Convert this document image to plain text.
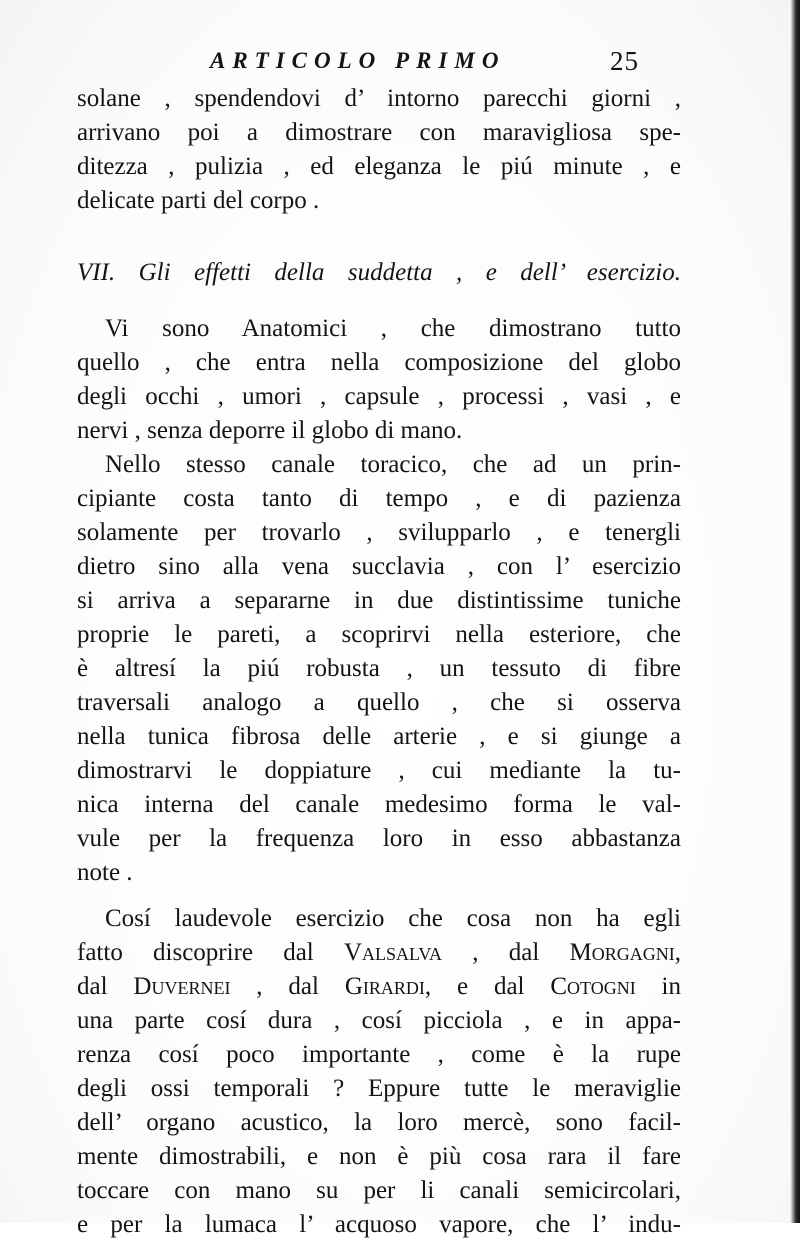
ARTICOLO PRIMO	25
solane , spendendovi d’ intorno parecchi giorni ,
arrivano poi a dimostrare con maravigliosa spe-
ditezza , pulizia , ed eleganza le piú minute , e
delicate parti del corpo .
VII. Gli effetti della suddetta , e dell’ esercizio.
Vi sono Anatomici , che dimostrano tutto
quello , che entra nella composizione del globo
degli occhi , umori , capsule , processi , vasi , e
nervi , senza deporre il globo di mano.
Nello stesso canale toracico, che ad un prin-
cipiante costa tanto di tempo , e di pazienza
solamente per trovarlo , svilupparlo , e tenergli
dietro sino alla vena succlavia , con l’ esercizio
si arriva a separarne in due distintissime tuniche
proprie le pareti, a scoprirvi nella esteriore, che
è altresí la piú robusta , un tessuto di fibre
traversali analogo a quello , che si osserva
nella tunica fibrosa delle arterie , e si giunge a
dimostrarvi le doppiature , cui mediante la tu-
nica interna del canale medesimo forma le val-
vule per la frequenza loro in esso abbastanza
note .
Cosí laudevole esercizio che cosa non ha egli
fatto discoprire dal Valsalva , dal Morgagni,
dal Duvernei , dal Girardi, e dal Cotogni in
una parte cosí dura , cosí picciola , e in appa-
renza cosí poco importante , come è la rupe
degli ossi temporali ? Eppure tutte le meraviglie
dell’ organo acustico, la loro mercè, sono facil-
mente dimostrabili, e non è più cosa rara il fare
toccare con mano su per li canali semicircolari,
e per la lumaca l’ acquoso vapore, che l’ indu-
